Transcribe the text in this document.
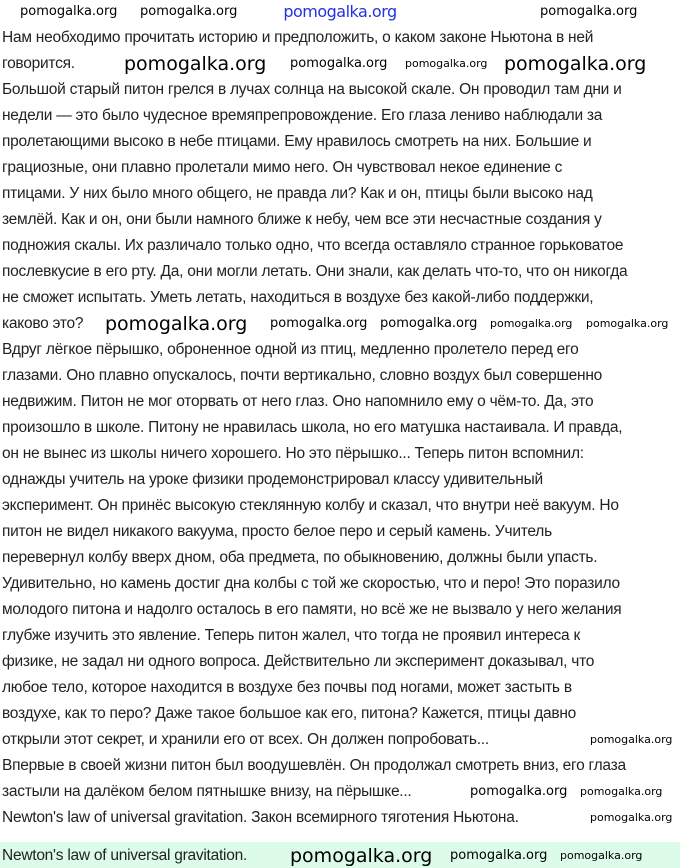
pomogalka.org
Нам необходимо прочитать историю и предположить, о каком законе Ньютона в ней
говорится.
Большой старый питон грелся в лучах солнца на высокой скале. Он проводил там дни и
недели — это было чудесное времяпрепровождение. Его глаза лениво наблюдали за
пролетающими высоко в небе птицами. Ему нравилось смотреть на них. Большие и
грациозные, они плавно пролетали мимо него. Он чувствовал некое единение с
птицами. У них было много общего, не правда ли? Как и он, птицы были высоко над
землёй. Как и он, они были намного ближе к небу, чем все эти несчастные создания у
подножия скалы. Их различало только одно, что всегда оставляло странное горьковатое
послевкусие в его рту. Да, они могли летать. Они знали, как делать что-то, что он никогда
не сможет испытать. Уметь летать, находиться в воздухе без какой-либо поддержки,
каково это?
Вдруг лёгкое пёрышко, оброненное одной из птиц, медленно пролетело перед его
глазами. Оно плавно опускалось, почти вертикально, словно воздух был совершенно
недвижим. Питон не мог оторвать от него глаз. Оно напомнило ему о чём-то. Да, это
произошло в школе. Питону не нравилась школа, но его матушка настаивала. И правда,
он не вынес из школы ничего хорошего. Но это пёрышко... Теперь питон вспомнил:
однажды учитель на уроке физики продемонстрировал классу удивительный
эксперимент. Он принёс высокую стеклянную колбу и сказал, что внутри неё вакуум. Но
питон не видел никакого вакуума, просто белое перо и серый камень. Учитель
перевернул колбу вверх дном, оба предмета, по обыкновению, должны были упасть.
Удивительно, но камень достиг дна колбы с той же скоростью, что и перо! Это поразило
молодого питона и надолго осталось в его памяти, но всё же не вызвало у него желания
глубже изучить это явление. Теперь питон жалел, что тогда не проявил интереса к
физике, не задал ни одного вопроса. Действительно ли эксперимент доказывал, что
любое тело, которое находится в воздухе без почвы под ногами, может застыть в
воздухе, как то перо? Даже такое большое как его, питона? Кажется, птицы давно
открыли этот секрет, и хранили его от всех. Он должен попробовать...
Впервые в своей жизни питон был воодушевлён. Он продолжал смотреть вниз, его глаза
застыли на далёком белом пятнышке внизу, на пёрышке...
Newton's law of universal gravitation. Закон всемирного тяготения Ньютона.
Newton's law of universal gravitation.
pomogalka.org pomogalka.org	pomogalka.org
pomogalka.org pomogalka.org pomogalka.org pomogalka.org
pomogalka.org pomogalka.org pomogalka.org pomogalka.org pomogalka.org
pomogalka.org
pomogalka.org pomogalka.org
pomogalka.org
pomogalka.org pomogalka.org pomogalka.org
